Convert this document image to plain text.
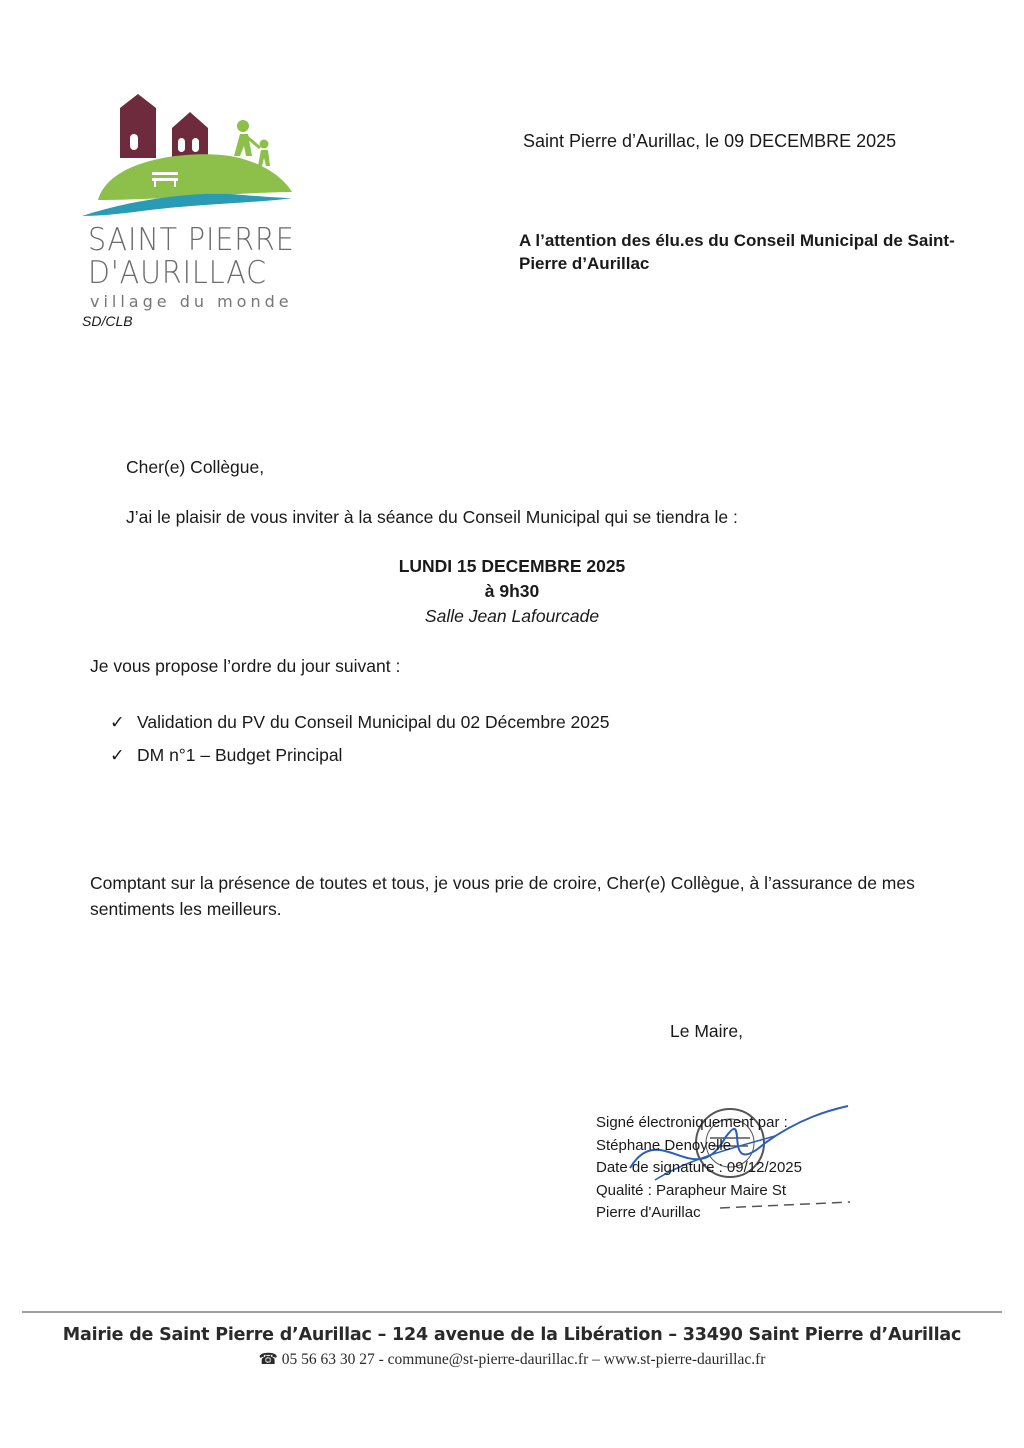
SAINT PIERRE
D'AURILLAC
village du monde
SD/CLB
Saint Pierre d’Aurillac, le 09 DECEMBRE 2025
A l’attention des élu.es du Conseil Municipal de Saint-Pierre d’Aurillac
Cher(e) Collègue,
J’ai le plaisir de vous inviter à la séance du Conseil Municipal qui se tiendra le :
LUNDI 15 DECEMBRE 2025
à 9h30
Salle Jean Lafourcade
Je vous propose l’ordre du jour suivant :
✓ Validation du PV du Conseil Municipal du 02 Décembre 2025
✓ DM n°1 – Budget Principal
Comptant sur la présence de toutes et tous, je vous prie de croire, Cher(e) Collègue, à l’assurance de mes sentiments les meilleurs.
Le Maire,
Signé électroniquement par :
Stéphane Denoyelle
Date de signature : 09/12/2025
Qualité : Parapheur Maire St
Pierre d'Aurillac
Mairie de Saint Pierre d’Aurillac – 124 avenue de la Libération – 33490 Saint Pierre d’Aurillac
☎ 05 56 63 30 27 - commune@st-pierre-daurillac.fr – www.st-pierre-daurillac.fr
